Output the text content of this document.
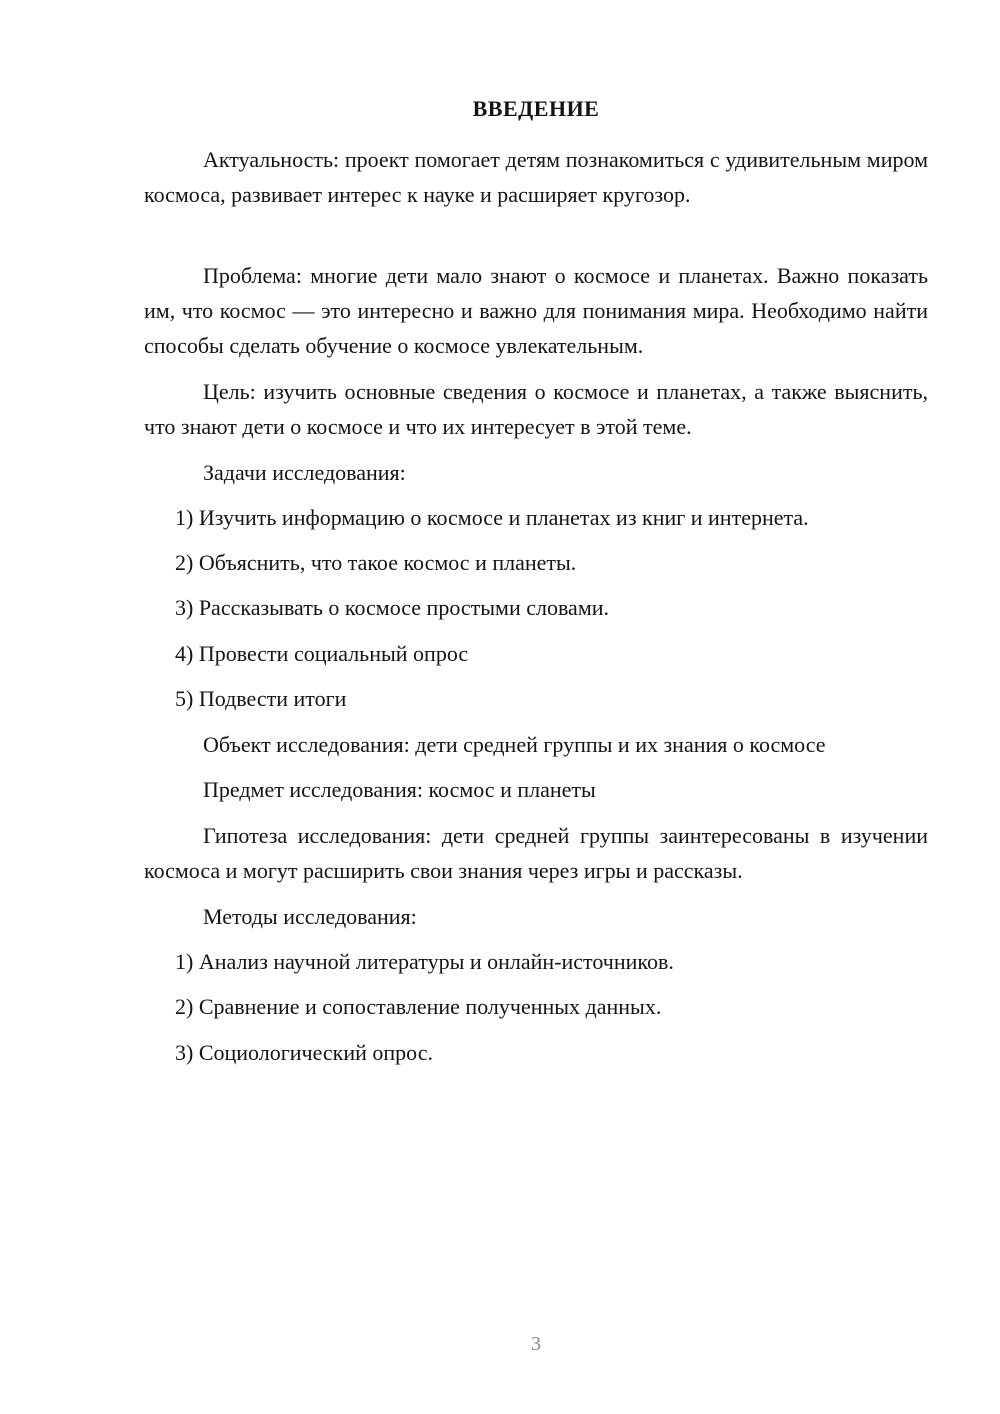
ВВЕДЕНИЕ

Актуальность: проект помогает детям познакомиться с удивительным миром космоса, развивает интерес к науке и расширяет кругозор.

Проблема: многие дети мало знают о космосе и планетах. Важно показать им, что космос — это интересно и важно для понимания мира. Необходимо найти способы сделать обучение о космосе увлекательным.

Цель: изучить основные сведения о космосе и планетах, а также выяснить, что знают дети о космосе и что их интересует в этой теме.

Задачи исследования:

1) Изучить информацию о космосе и планетах из книг и интернета.

2) Объяснить, что такое космос и планеты.

3) Рассказывать о космосе простыми словами.

4) Провести социальный опрос

5) Подвести итоги

Объект исследования: дети средней группы и их знания о космосе

Предмет исследования: космос и планеты

Гипотеза исследования: дети средней группы заинтересованы в изучении космоса и могут расширить свои знания через игры и рассказы.

Методы исследования:

1) Анализ научной литературы и онлайн-источников.

2) Сравнение и сопоставление полученных данных.

3) Социологический опрос.

3
